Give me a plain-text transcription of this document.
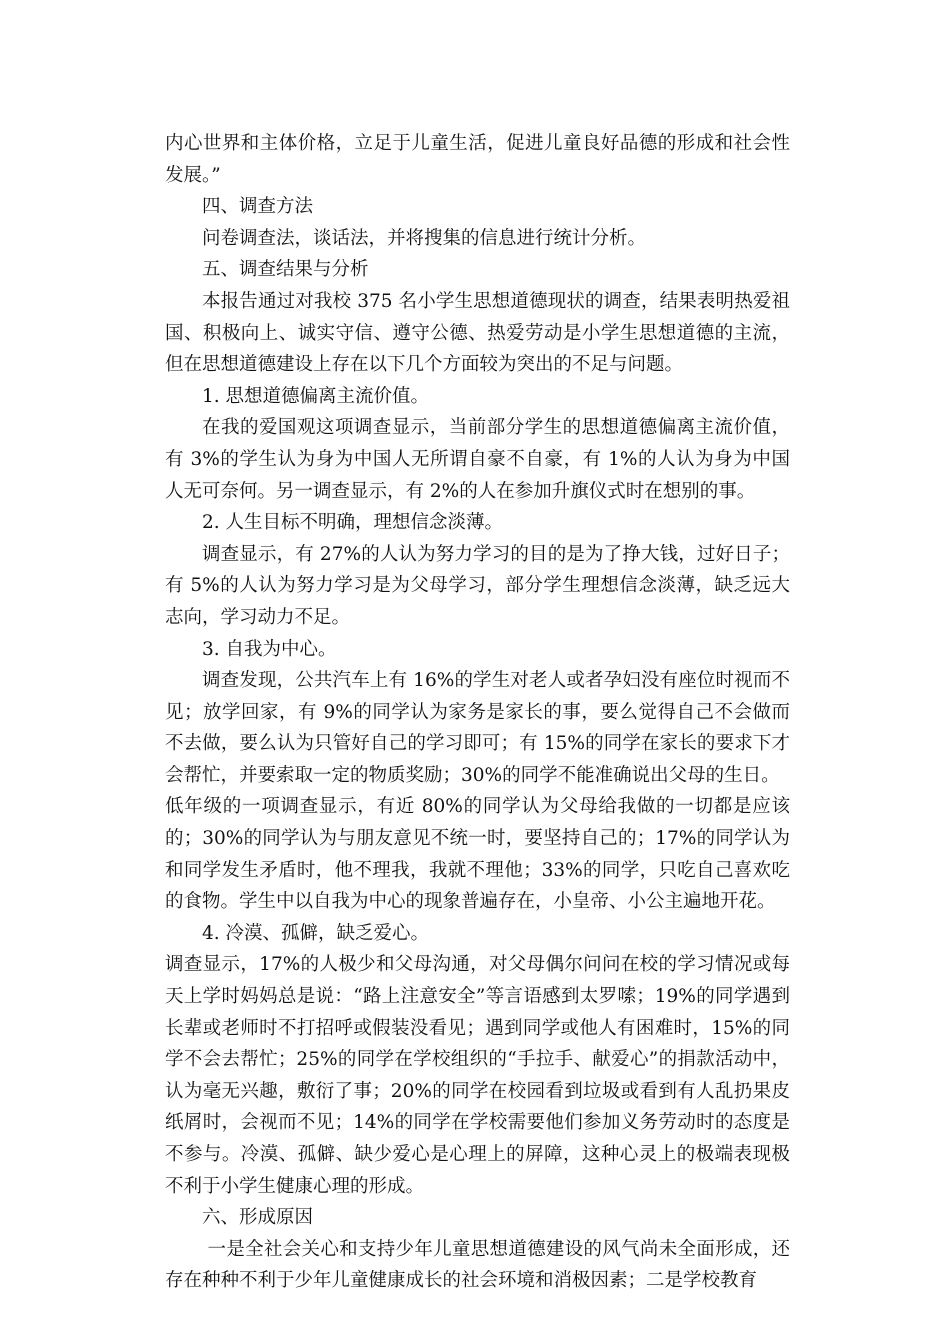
内心世界和主体价格，立足于儿童生活，促进儿童良好品德的形成和社会性发展。”

四、调查方法

问卷调查法，谈话法，并将搜集的信息进行统计分析。

五、调查结果与分析

本报告通过对我校 375 名小学生思想道德现状的调查，结果表明热爱祖国、积极向上、诚实守信、遵守公德、热爱劳动是小学生思想道德的主流，但在思想道德建设上存在以下几个方面较为突出的不足与问题。

1. 思想道德偏离主流价值。

在我的爱国观这项调查显示，当前部分学生的思想道德偏离主流价值，有 3%的学生认为身为中国人无所谓自豪不自豪，有 1%的人认为身为中国人无可奈何。另一调查显示，有 2%的人在参加升旗仪式时在想别的事。

2. 人生目标不明确，理想信念淡薄。

调查显示，有 27%的人认为努力学习的目的是为了挣大钱，过好日子；有 5%的人认为努力学习是为父母学习，部分学生理想信念淡薄，缺乏远大志向，学习动力不足。

3. 自我为中心。

调查发现，公共汽车上有 16%的学生对老人或者孕妇没有座位时视而不见；放学回家，有 9%的同学认为家务是家长的事，要么觉得自己不会做而不去做，要么认为只管好自己的学习即可；有 15%的同学在家长的要求下才会帮忙，并要索取一定的物质奖励；30%的同学不能准确说出父母的生日。

低年级的一项调查显示，有近 80%的同学认为父母给我做的一切都是应该的；30%的同学认为与朋友意见不统一时，要坚持自己的；17%的同学认为和同学发生矛盾时，他不理我，我就不理他；33%的同学，只吃自己喜欢吃的食物。学生中以自我为中心的现象普遍存在，小皇帝、小公主遍地开花。

4. 冷漠、孤僻，缺乏爱心。

调查显示，17%的人极少和父母沟通，对父母偶尔问问在校的学习情况或每天上学时妈妈总是说：“路上注意安全”等言语感到太罗嗦；19%的同学遇到长辈或老师时不打招呼或假装没看见；遇到同学或他人有困难时，15%的同学不会去帮忙；25%的同学在学校组织的“手拉手、献爱心”的捐款活动中，认为毫无兴趣，敷衍了事；20%的同学在校园看到垃圾或看到有人乱扔果皮纸屑时，会视而不见；14%的同学在学校需要他们参加义务劳动时的态度是不参与。冷漠、孤僻、缺少爱心是心理上的屏障，这种心灵上的极端表现极不利于小学生健康心理的形成。

六、形成原因

一是全社会关心和支持少年儿童思想道德建设的风气尚未全面形成，还存在种种不利于少年儿童健康成长的社会环境和消极因素；二是学校教育
